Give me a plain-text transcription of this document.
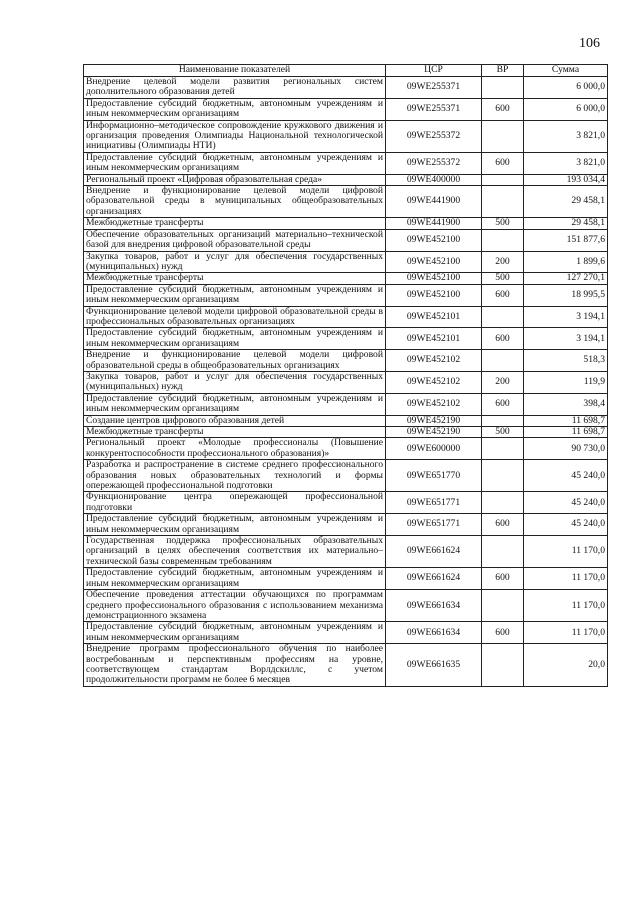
106
Наименование показателей	ЦСР	ВР	Сумма
Внедрение целевой модели развития региональных систем дополнительного образования детей	09WE255371		6 000,0
Предоставление субсидий бюджетным, автономным учреждениям и иным некоммерческим организациям	09WE255371	600	6 000,0
Информационно–методическое сопровождение кружкового движения и организация проведения Олимпиады Национальной технологической инициативы (Олимпиады НТИ)	09WE255372		3 821,0
Предоставление субсидий бюджетным, автономным учреждениям и иным некоммерческим организациям	09WE255372	600	3 821,0
Региональный проект «Цифровая образовательная среда»	09WE400000		193 034,4
Внедрение и функционирование целевой модели цифровой образовательной среды в муниципальных общеобразовательных организациях	09WE441900		29 458,1
Межбюджетные трансферты	09WE441900	500	29 458,1
Обеспечение образовательных организаций материально–технической базой для внедрения цифровой образовательной среды	09WE452100		151 877,6
Закупка товаров, работ и услуг для обеспечения государственных (муниципальных) нужд	09WE452100	200	1 899,6
Межбюджетные трансферты	09WE452100	500	127 270,1
Предоставление субсидий бюджетным, автономным учреждениям и иным некоммерческим организациям	09WE452100	600	18 995,5
Функционирование целевой модели цифровой образовательной среды в профессиональных образовательных организациях	09WE452101		3 194,1
Предоставление субсидий бюджетным, автономным учреждениям и иным некоммерческим организациям	09WE452101	600	3 194,1
Внедрение и функционирование целевой модели цифровой образовательной среды в общеобразовательных организациях	09WE452102		518,3
Закупка товаров, работ и услуг для обеспечения государственных (муниципальных) нужд	09WE452102	200	119,9
Предоставление субсидий бюджетным, автономным учреждениям и иным некоммерческим организациям	09WE452102	600	398,4
Создание центров цифрового образования детей	09WE452190		11 698,7
Межбюджетные трансферты	09WE452190	500	11 698,7
Региональный проект «Молодые профессионалы (Повышение конкурентоспособности профессионального образования)»	09WE600000		90 730,0
Разработка и распространение в системе среднего профессионального образования новых образовательных технологий и формы опережающей профессиональной подготовки	09WE651770		45 240,0
Функционирование центра опережающей профессиональной подготовки	09WE651771		45 240,0
Предоставление субсидий бюджетным, автономным учреждениям и иным некоммерческим организациям	09WE651771	600	45 240,0
Государственная поддержка профессиональных образовательных организаций в целях обеспечения соответствия их материально–технической базы современным требованиям	09WE661624		11 170,0
Предоставление субсидий бюджетным, автономным учреждениям и иным некоммерческим организациям	09WE661624	600	11 170,0
Обеспечение проведения аттестации обучающихся по программам среднего профессионального образования с использованием механизма демонстрационного экзамена	09WE661634		11 170,0
Предоставление субсидий бюджетным, автономным учреждениям и иным некоммерческим организациям	09WE661634	600	11 170,0
Внедрение программ профессионального обучения по наиболее востребованным и перспективным профессиям на уровне, соответствующем стандартам Ворлдскиллс, с учетом продолжительности программ не более 6 месяцев	09WE661635		20,0
